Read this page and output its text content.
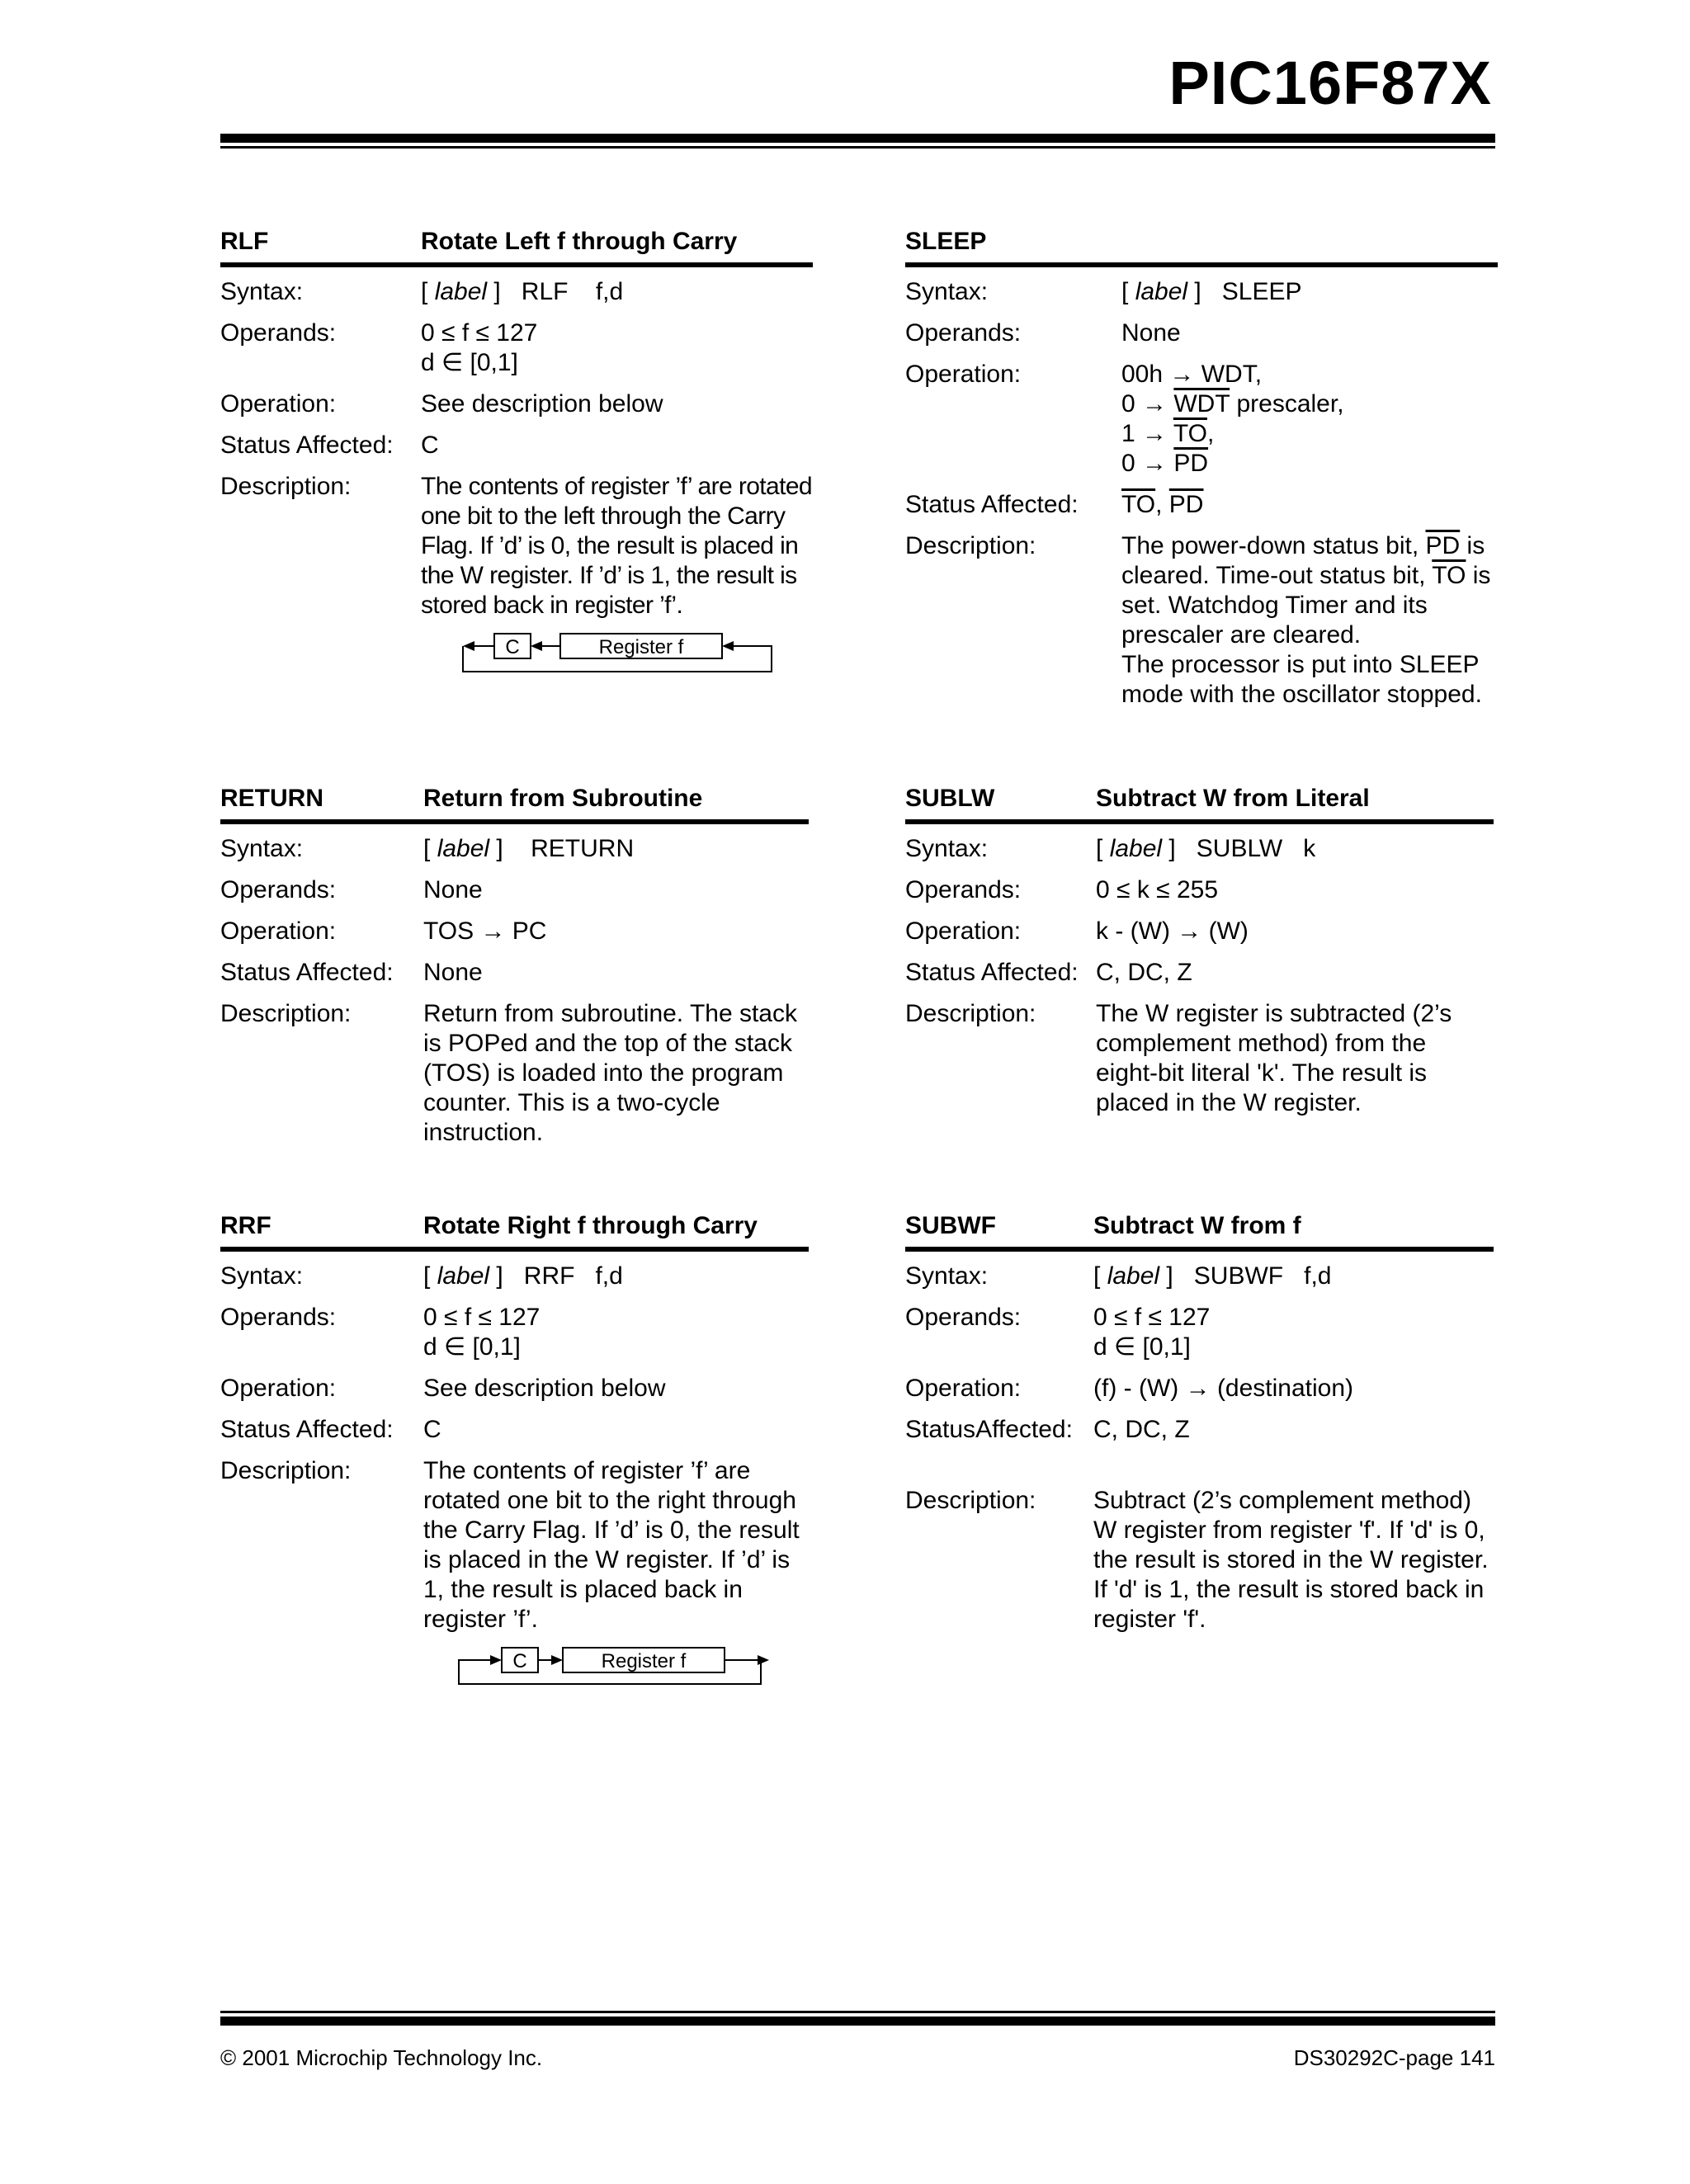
PIC16F87X
RLF	Rotate Left f through Carry
Syntax:	[ label ] RLF f,d
Operands:	0 ≤ f ≤ 127
d ∈ [0,1]
Operation:	See description below
Status Affected: C
Description:	The contents of register ’f’ are rotated one bit to the left through the Carry Flag. If ’d’ is 0, the result is placed in the W register. If ’d’ is 1, the result is stored back in register ’f’.
C	Register f
SLEEP
Syntax:	[ label ] SLEEP
Operands:	None
Operation:	00h → WDT,
$0 \to \overline{WDT}$ prescaler,
$1 \to \overline{TO}$,
$0 \to \overline{PD}$
Status Affected: $\overline{TO}$, $\overline{PD}$
Description:	The power-down status bit, $\overline{PD}$ is cleared. Time-out status bit, $\overline{TO}$ is set. Watchdog Timer and its prescaler are cleared.
The processor is put into SLEEP mode with the oscillator stopped.
RETURN	Return from Subroutine
Syntax:	[ label ] RETURN
Operands:	None
Operation:	TOS → PC
Status Affected: None
Description:	Return from subroutine. The stack is POPed and the top of the stack (TOS) is loaded into the program counter. This is a two-cycle instruction.
SUBLW	Subtract W from Literal
Syntax:	[ label ] SUBLW k
Operands:	0 ≤ k ≤ 255
Operation:	k - (W) → (W)
Status Affected: C, DC, Z
Description: The W register is subtracted (2’s complement method) from the eight-bit literal 'k'. The result is placed in the W register.
RRF	Rotate Right f through Carry
Syntax:	[ label ] RRF f,d
Operands:	0 ≤ f ≤ 127
d ∈ [0,1]
Operation:	See description below
Status Affected: C
Description:	The contents of register ’f’ are rotated one bit to the right through the Carry Flag. If ’d’ is 0, the result is placed in the W register. If ’d’ is 1, the result is placed back in register ’f’.
C	Register f
SUBWF	Subtract W from f
Syntax:	[ label ] SUBWF f,d
Operands:	0 ≤ f ≤ 127
d ∈ [0,1]
Operation:	(f) - (W) → (destination)
StatusAffected: C, DC, Z

Description: Subtract (2’s complement method) W register from register 'f'. If 'd' is 0, the result is stored in the W register. If 'd' is 1, the result is stored back in register 'f'.
© 2001 Microchip Technology Inc.	DS30292C-page 141
